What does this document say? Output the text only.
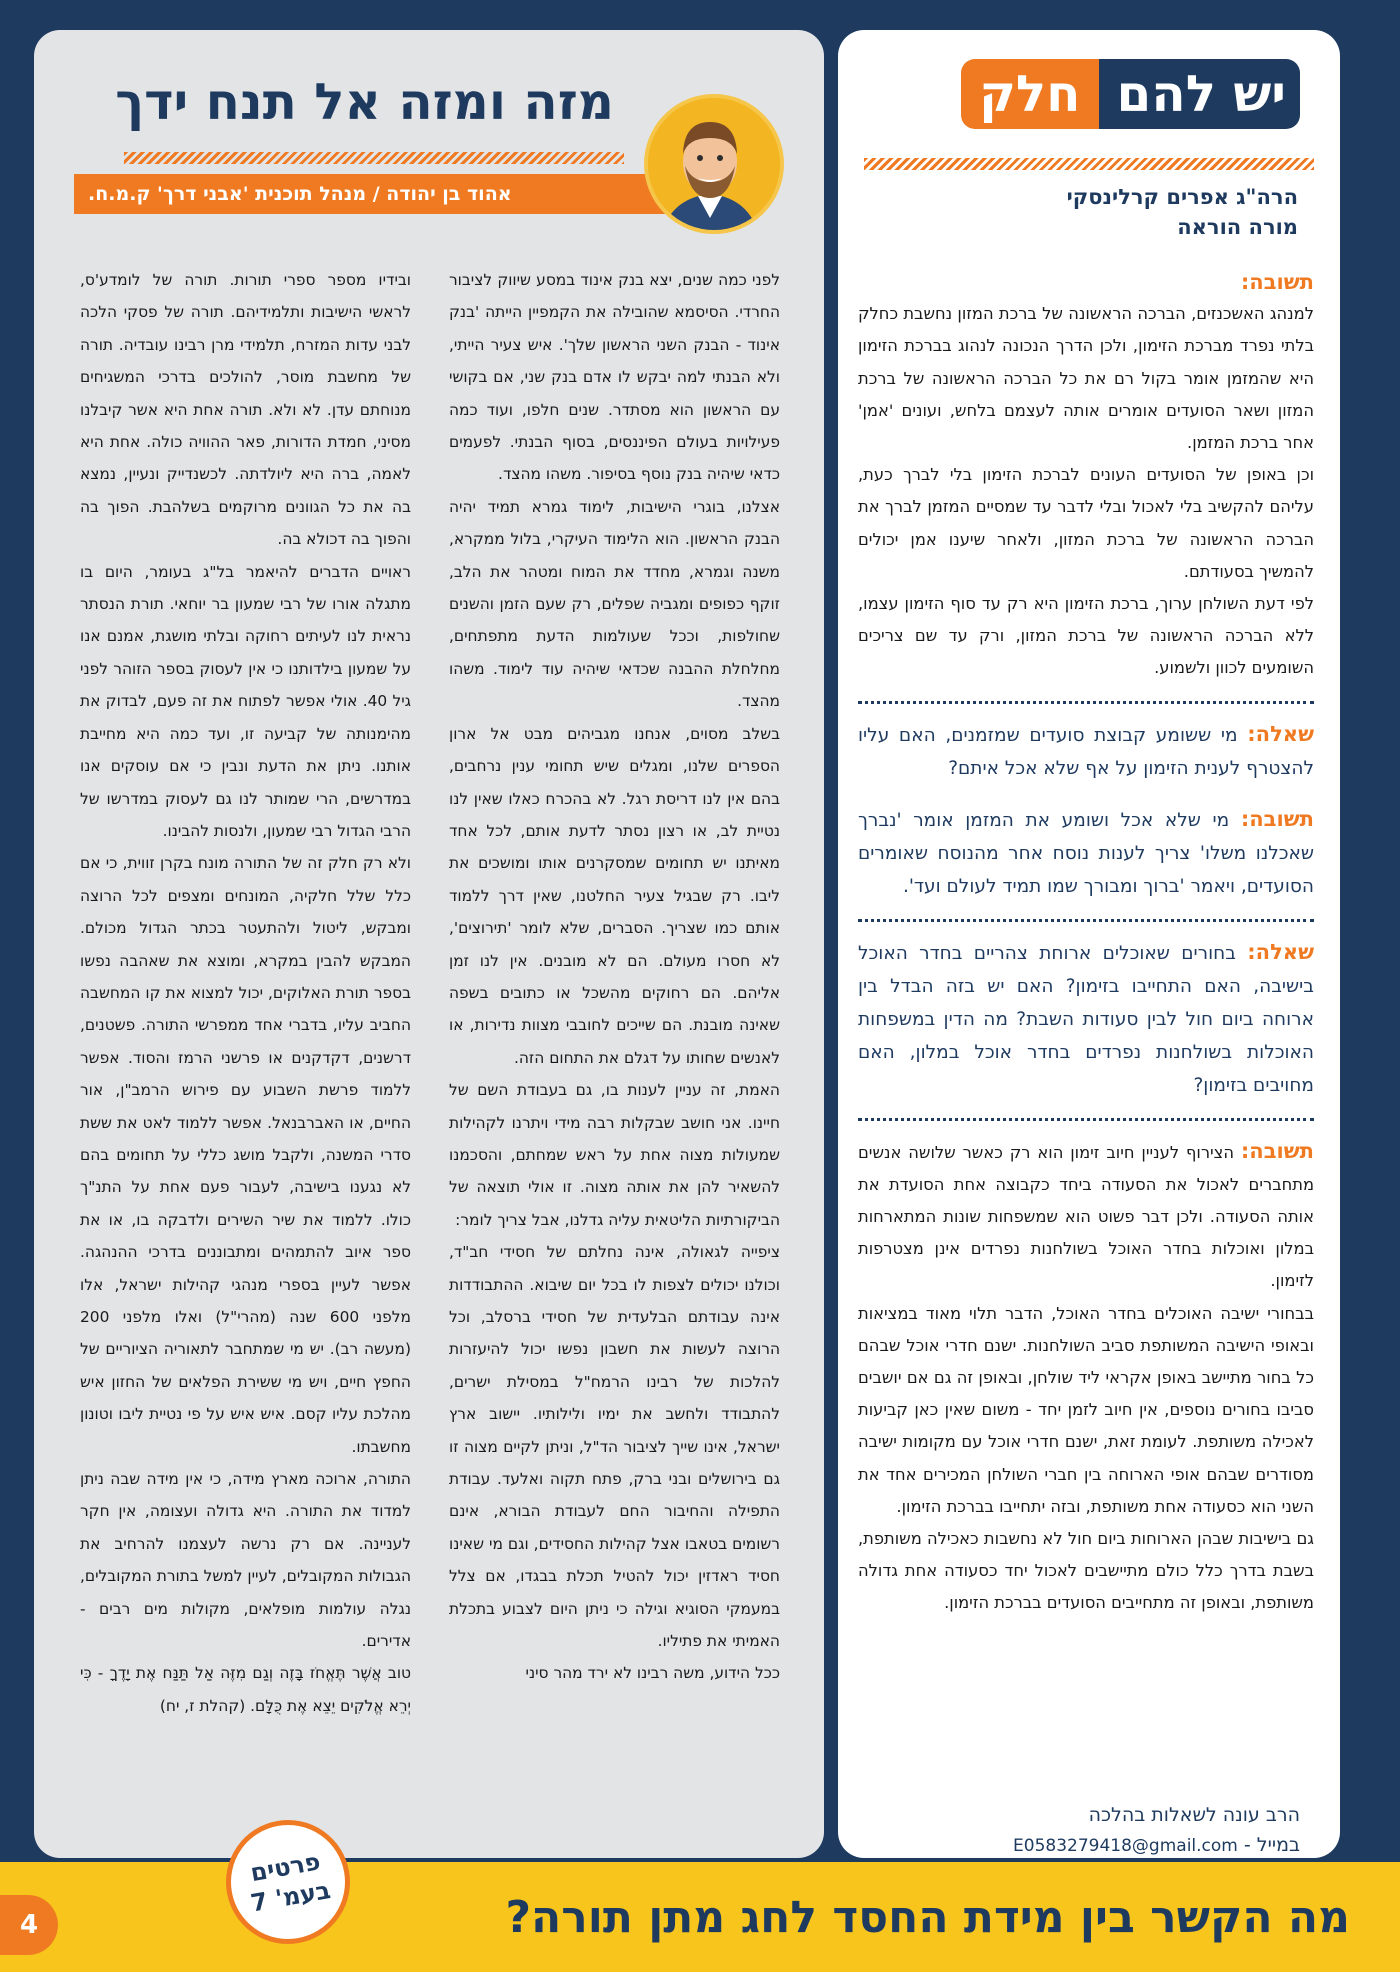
מזה ומזה אל תנח ידך
אהוד בן יהודה / מנהל תוכנית 'אבני דרך' ק.מ.ח.

לפני כמה שנים, יצא בנק אינוד במסע שיווק לציבור החרדי. הסיסמא שהובילה את הקמפיין הייתה 'בנק אינוד - הבנק השני הראשון שלך'. איש צעיר הייתי, ולא הבנתי למה יבקש לו אדם בנק שני, אם בקושי עם הראשון הוא מסתדר. שנים חלפו, ועוד כמה פעילויות בעולם הפיננסים, בסוף הבנתי. לפעמים כדאי שיהיה בנק נוסף בסיפור. משהו מהצד.

אצלנו, בוגרי הישיבות, לימוד גמרא תמיד יהיה הבנק הראשון. הוא הלימוד העיקרי, בלול ממקרא, משנה וגמרא, מחדד את המוח ומטהר את הלב, זוקף כפופים ומגביה שפלים, רק שעם הזמן והשנים שחולפות, וככל שעולמות הדעת מתפתחים, מחלחלת ההבנה שכדאי שיהיה עוד לימוד. משהו מהצד.

בשלב מסוים, אנחנו מגביהים מבט אל ארון הספרים שלנו, ומגלים שיש תחומי ענין נרחבים, בהם אין לנו דריסת רגל. לא בהכרח כאלו שאין לנו נטיית לב, או רצון נסתר לדעת אותם, לכל אחד מאיתנו יש תחומים שמסקרנים אותו ומושכים את ליבו. רק שבגיל צעיר החלטנו, שאין דרך ללמוד אותם כמו שצריך. הסברים, שלא לומר 'תירוצים', לא חסרו מעולם. הם לא מובנים. אין לנו זמן אליהם. הם רחוקים מהשכל או כתובים בשפה שאינה מובנת. הם שייכים לחובבי מצוות נדירות, או לאנשים שחותו על דגלם את התחום הזה.

האמת, זה עניין לענות בו, גם בעבודת השם של חיינו. אני חושב שבקלות רבה מידי ויתרנו לקהילות שמעולות מצוה אחת על ראש שמחתם, והסכמנו להשאיר להן את אותה מצוה. זו אולי תוצאה של הביקורתיות הליטאית עליה גדלנו, אבל צריך לומר:

ציפייה לגאולה, אינה נחלתם של חסידי חב"ד, וכולנו יכולים לצפות לו בכל יום שיבוא. ההתבודדות אינה עבודתם הבלעדית של חסידי ברסלב, וכל הרוצה לעשות את חשבון נפשו יכול להיעזרות להלכות של רבינו הרמח"ל במסילת ישרים, להתבודד ולחשב את ימיו ולילותיו. יישוב ארץ ישראל, אינו שייך לציבור הד"ל, וניתן לקיים מצוה זו גם בירושלים ובני ברק, פתח תקוה ואלעד. עבודת התפילה והחיבור החם לעבודת הבורא, אינם רשומים בטאבו אצל קהילות החסידים, וגם מי שאינו חסיד ראדזין יכול להטיל תכלת בבגדו, אם צלל במעמקי הסוגיא וגילה כי ניתן היום לצבוע בתכלת האמיתי את פתיליו.

ככל הידוע, משה רבינו לא ירד מהר סיני

ובידיו מספר ספרי תורות. תורה של לומדע'ס, לראשי הישיבות ותלמידיהם. תורה של פסקי הלכה לבני עדות המזרח, תלמידי מרן רבינו עובדיה. תורה של מחשבת מוסר, להולכים בדרכי המשגיחים מנוחתם עדן. לא ולא. תורה אחת היא אשר קיבלנו מסיני, חמדת הדורות, פאר ההוויה כולה. אחת היא לאמה, ברה היא ליולדתה. לכשנדייק ונעיין, נמצא בה את כל הגוונים מרוקמים בשלהבת. הפוך בה והפוך בה דכולא בה.

ראויים הדברים להיאמר בל"ג בעומר, היום בו מתגלה אורו של רבי שמעון בר יוחאי. תורת הנסתר נראית לנו לעיתים רחוקה ובלתי מושגת, אמנם אנו על שמעון בילדותנו כי אין לעסוק בספר הזוהר לפני גיל 40. אולי אפשר לפתוח את זה פעם, לבדוק את מהימנותה של קביעה זו, ועד כמה היא מחייבת אותנו. ניתן את הדעת ונבין כי אם עוסקים אנו במדרשים, הרי שמותר לנו גם לעסוק במדרשו של הרבי הגדול רבי שמעון, ולנסות להבינו.

ולא רק חלק זה של התורה מונח בקרן זווית, כי אם כלל שלל חלקיה, המונחים ומצפים לכל הרוצה ומבקש, ליטול ולהתעטר בכתר הגדול מכולם. המבקש להבין במקרא, ומוצא את שאהבה נפשו בספר תורת האלוקים, יכול למצוא את קו המחשבה החביב עליו, בדברי אחד ממפרשי התורה. פשטנים, דרשנים, דקדקנים או פרשני הרמז והסוד. אפשר ללמוד פרשת השבוע עם פירוש הרמב"ן, אור החיים, או האברבנאל. אפשר ללמוד לאט את ששת סדרי המשנה, ולקבל מושג כללי על תחומים בהם לא נגענו בישיבה, לעבור פעם אחת על התנ"ך כולו. ללמוד את שיר השירים ולדבקה בו, או את ספר איוב להתמהים ומתבוננים בדרכי ההנהגה. אפשר לעיין בספרי מנהגי קהילות ישראל, אלו מלפני 600 שנה (מהרי"ל) ואלו מלפני 200 (מעשה רב). יש מי שמתחבר לתאוריה הציוריים של החפץ חיים, ויש מי ששירת הפלאים של החזון איש מהלכת עליו קסם. איש איש על פי נטיית ליבו וטונון מחשבתו.

התורה, ארוכה מארץ מידה, כי אין מידה שבה ניתן למדוד את התורה. היא גדולה ועצומה, אין חקר לעניינה. אם רק נרשה לעצמנו להרחיב את הגבולות המקובלים, לעיין למשל בתורת המקובלים, נגלה עולמות מופלאים, מקולות מים רבים - אדירים.

טוב אֲשֶׁר תֶּאֱחֹז בָּזֶה וְגַם מִזֶּה אַל תַּנַּח אֶת יָדֶךָ - כִּי יְרֵא אֱלֹקִים יֵצֵא אֶת כֻּלָּם. (קהלת ז, יח)

יש להם
חלק
הרה"ג אפרים קרלינסקי
מורה הוראה
תשובה:

למנהג האשכנזים, הברכה הראשונה של ברכת המזון נחשבת כחלק בלתי נפרד מברכת הזימון, ולכן הדרך הנכונה לנהוג בברכת הזימון היא שהמזמן אומר בקול רם את כל הברכה הראשונה של ברכת המזון ושאר הסועדים אומרים אותה לעצמם בלחש, ועונים 'אמן' אחר ברכת המזמן.

וכן באופן של הסועדים העונים לברכת הזימון בלי לברך כעת, עליהם להקשיב בלי לאכול ובלי לדבר עד שמסיים המזמן לברך את הברכה הראשונה של ברכת המזון, ולאחר שיענו אמן יכולים להמשיך בסעודתם.

לפי דעת השולחן ערוך, ברכת הזימון היא רק עד סוף הזימון עצמו, ללא הברכה הראשונה של ברכת המזון, ורק עד שם צריכים השומעים לכוון ולשמוע.

שאלה: מי ששומע קבוצת סועדים שמזמנים, האם עליו להצטרף לענית הזימון על אף שלא אכל איתם?

תשובה: מי שלא אכל ושומע את המזמן אומר 'נברך שאכלנו משלו' צריך לענות נוסח אחר מהנוסח שאומרים הסועדים, ויאמר 'ברוך ומבורך שמו תמיד לעולם ועד'.

שאלה: בחורים שאוכלים ארוחת צהריים בחדר האוכל בישיבה, האם התחייבו בזימון? האם יש בזה הבדל בין ארוחה ביום חול לבין סעודות השבת? מה הדין במשפחות האוכלות בשולחנות נפרדים בחדר אוכל במלון, האם מחויבים בזימון?

תשובה: הצירוף לעניין חיוב זימון הוא רק כאשר שלושה אנשים מתחברים לאכול את הסעודה ביחד כקבוצה אחת הסועדת את אותה הסעודה. ולכן דבר פשוט הוא שמשפחות שונות המתארחות במלון ואוכלות בחדר האוכל בשולחנות נפרדים אינן מצטרפות לזימון.

בבחורי ישיבה האוכלים בחדר האוכל, הדבר תלוי מאוד במציאות ובאופי הישיבה המשותפת סביב השולחנות. ישנם חדרי אוכל שבהם כל בחור מתיישב באופן אקראי ליד שולחן, ובאופן זה גם אם יושבים סביבו בחורים נוספים, אין חיוב לזמן יחד - משום שאין כאן קביעות לאכילה משותפת. לעומת זאת, ישנם חדרי אוכל עם מקומות ישיבה מסודרים שבהם אופי הארוחה בין חברי השולחן המכירים אחד את השני הוא כסעודה אחת משותפת, ובזה יתחייבו בברכת הזימון.

גם בישיבות שבהן הארוחות ביום חול לא נחשבות כאכילה משותפת, בשבת בדרך כלל כולם מתיישבים לאכול יחד כסעודה אחת גדולה משותפת, ובאופן זה מתחייבים הסועדים בברכת הזימון.

הרב עונה לשאלות בהלכה
במייל - E0583279418@gmail.com
מה הקשר בין מידת החסד לחג מתן תורה?
פרטים
בעמ' 7
4
